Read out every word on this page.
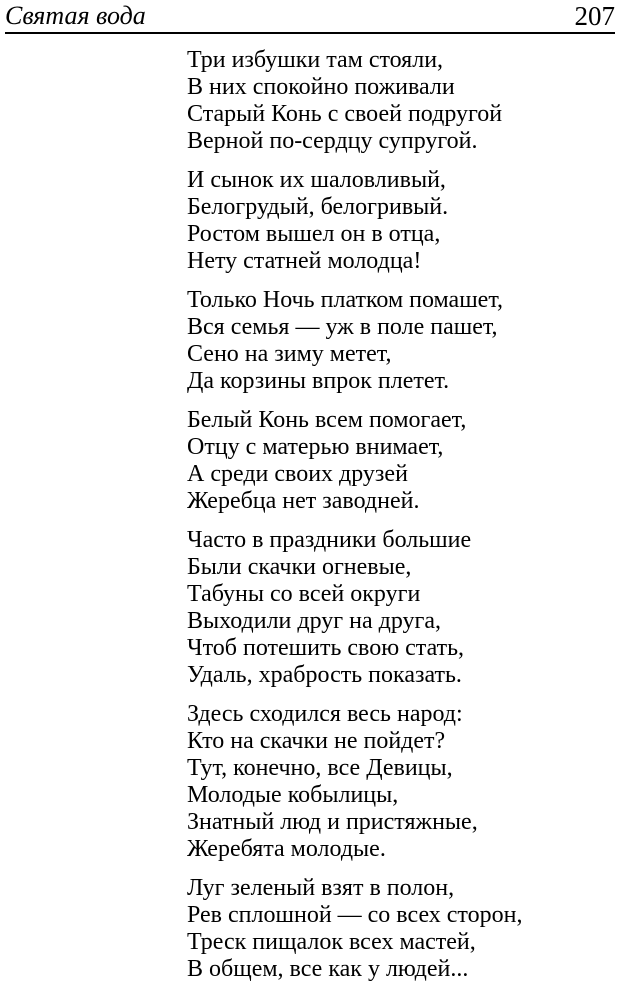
Святая вода	207
Три избушки там стояли,
В них спокойно поживали
Старый Конь с своей подругой
Верной по-сердцу супругой.
И сынок их шаловливый,
Белогрудый, белогривый.
Ростом вышел он в отца,
Нету статней молодца!
Только Ночь платком помашет,
Вся семья — уж в поле пашет,
Сено на зиму метет,
Да корзины впрок плетет.
Белый Конь всем помогает,
Отцу с матерью внимает,
А среди своих друзей
Жеребца нет заводней.
Часто в праздники большие
Были скачки огневые,
Табуны со всей округи
Выходили друг на друга,
Чтоб потешить свою стать,
Удаль, храбрость показать.
Здесь сходился весь народ:
Кто на скачки не пойдет?
Тут, конечно, все Девицы,
Молодые кобылицы,
Знатный люд и пристяжные,
Жеребята молодые.
Луг зеленый взят в полон,
Рев сплошной — со всех сторон,
Треск пищалок всех мастей,
В общем, все как у людей...
